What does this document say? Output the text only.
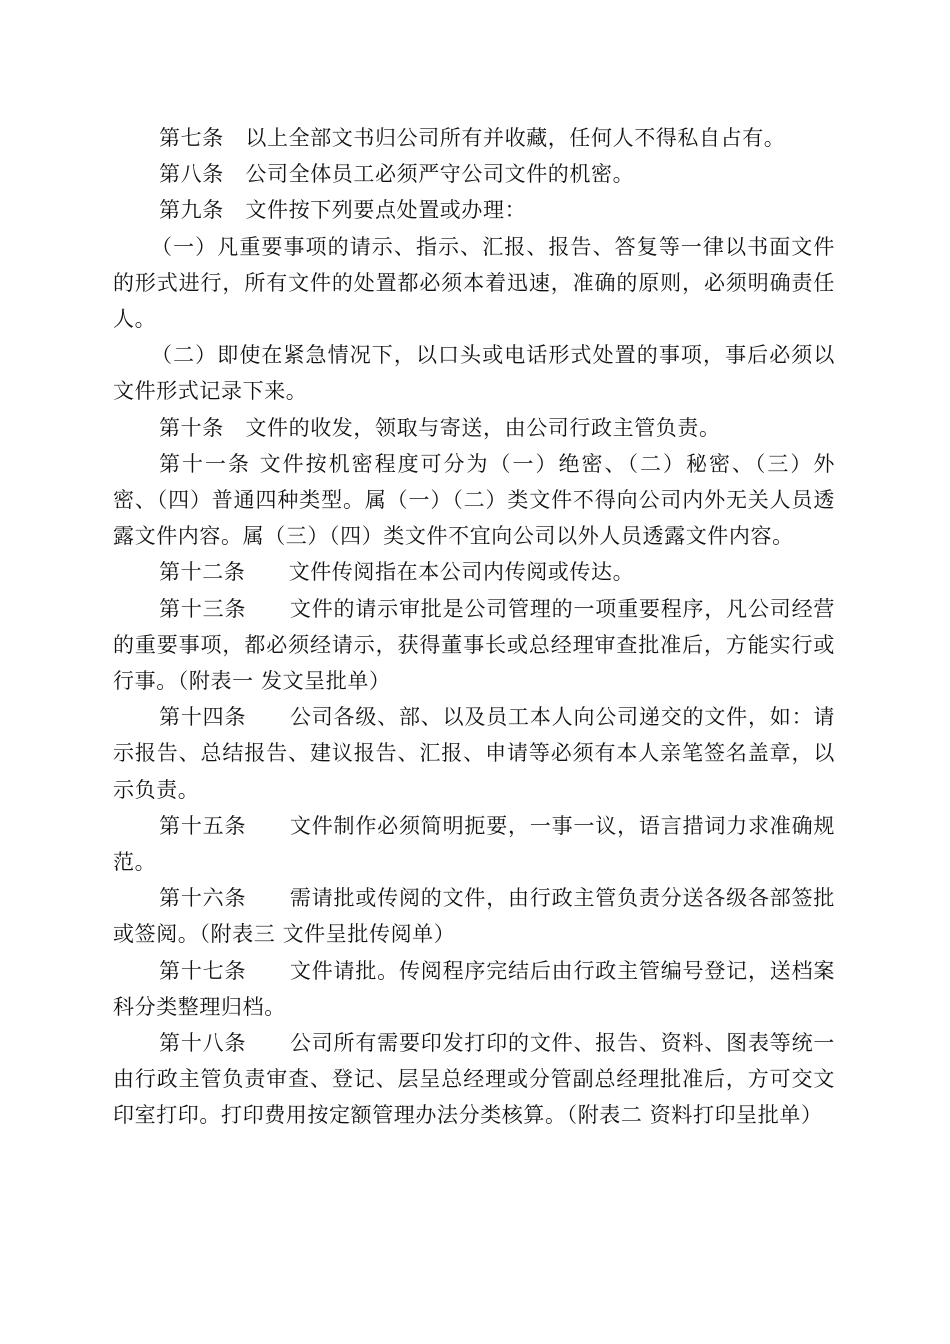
第七条　以上全部文书归公司所有并收藏，任何人不得私自占有。

第八条　公司全体员工必须严守公司文件的机密。

第九条　文件按下列要点处置或办理：

（一）凡重要事项的请示、指示、汇报、报告、答复等一律以书面文件的形式进行，所有文件的处置都必须本着迅速，准确的原则，必须明确责任人。

（二）即使在紧急情况下，以口头或电话形式处置的事项，事后必须以文件形式记录下来。

第十条　文件的收发，领取与寄送，由公司行政主管负责。

第十一条 文件按机密程度可分为（一）绝密、（二）秘密、（三）外密、（四）普通四种类型。属（一）（二）类文件不得向公司内外无关人员透露文件内容。属（三）（四）类文件不宜向公司以外人员透露文件内容。

第十二条　　文件传阅指在本公司内传阅或传达。

第十三条　　文件的请示审批是公司管理的一项重要程序，凡公司经营的重要事项，都必须经请示，获得董事长或总经理审查批准后，方能实行或行事。（附表一 发文呈批单）

第十四条　　公司各级、部、以及员工本人向公司递交的文件，如：请示报告、总结报告、建议报告、汇报、申请等必须有本人亲笔签名盖章，以示负责。

第十五条　　文件制作必须简明扼要，一事一议，语言措词力求准确规范。

第十六条　　需请批或传阅的文件，由行政主管负责分送各级各部签批或签阅。（附表三 文件呈批传阅单）

第十七条　　文件请批。传阅程序完结后由行政主管编号登记，送档案科分类整理归档。

第十八条　　公司所有需要印发打印的文件、报告、资料、图表等统一由行政主管负责审查、登记、层呈总经理或分管副总经理批准后，方可交文印室打印。打印费用按定额管理办法分类核算。（附表二 资料打印呈批单）
